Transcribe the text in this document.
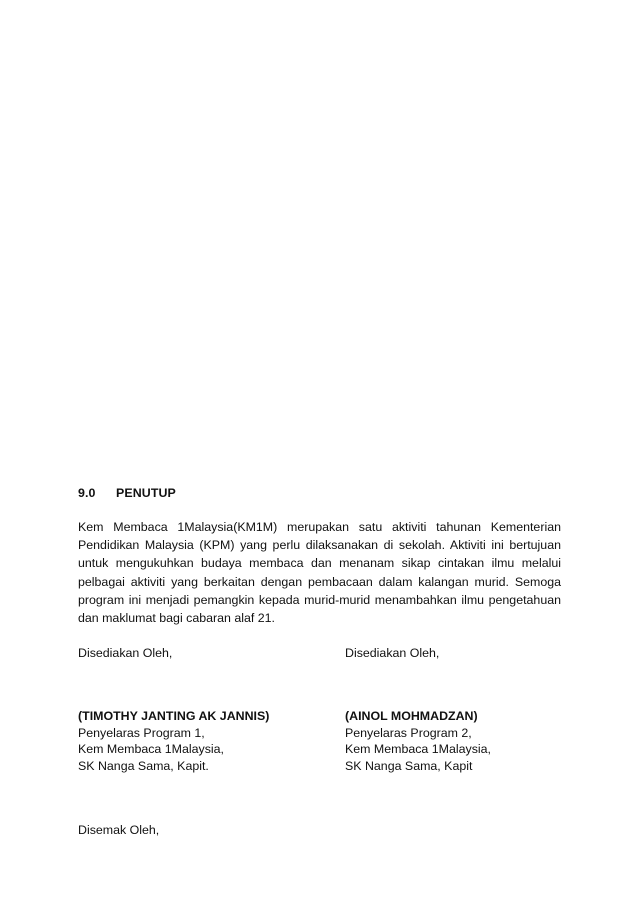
9.0 PENUTUP
Kem Membaca 1Malaysia(KM1M) merupakan satu aktiviti tahunan Kementerian Pendidikan Malaysia (KPM) yang perlu dilaksanakan di sekolah. Aktiviti ini bertujuan untuk mengukuhkan budaya membaca dan menanam sikap cintakan ilmu melalui pelbagai aktiviti yang berkaitan dengan pembacaan dalam kalangan murid. Semoga program ini menjadi pemangkin kepada murid-murid menambahkan ilmu pengetahuan dan maklumat bagi cabaran alaf 21.
Disediakan Oleh,	Disediakan Oleh,
(TIMOTHY JANTING AK JANNIS)
Penyelaras Program 1,
Kem Membaca 1Malaysia,
SK Nanga Sama, Kapit.
(AINOL MOHMADZAN)
Penyelaras Program 2,
Kem Membaca 1Malaysia,
SK Nanga Sama, Kapit
Disemak Oleh,
